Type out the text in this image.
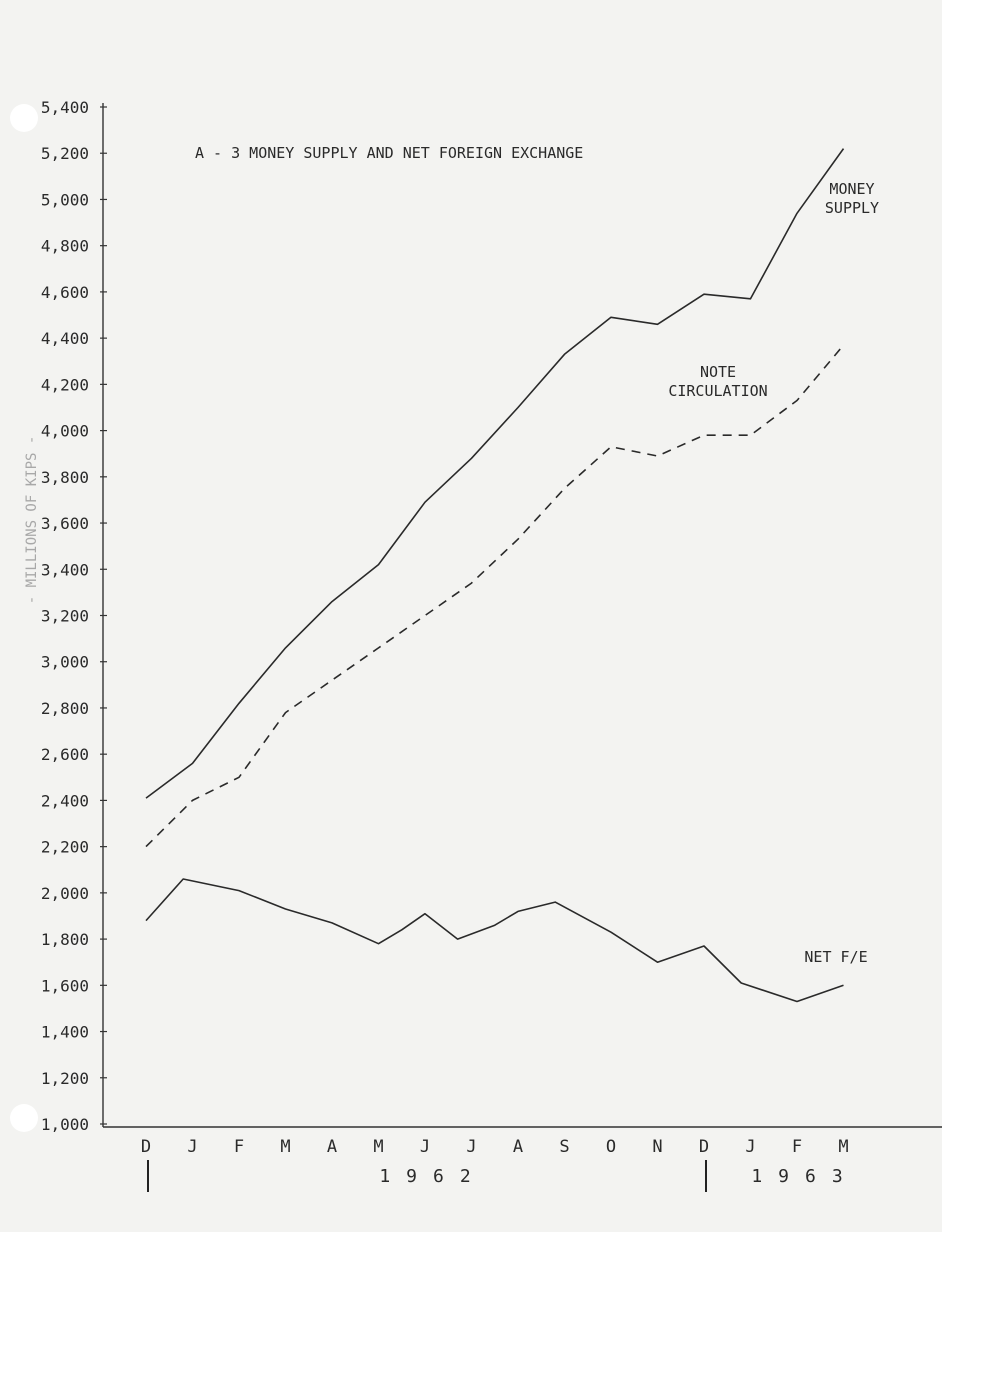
A - 3 MONEY SUPPLY AND NET FOREIGN EXCHANGE
5,400
5,200
5,000
4,800
4,600
4,400
4,200
4,000
3,800
3,600
3,400
3,200
3,000
2,800
2,600
2,400
2,200
2,000
1,800
1,600
1,400
1,200
1,000
D J F M A M J J A S O N D J F M
1962	1963
MONEY SUPPLY
NOTE CIRCULATION
NET F/E
- MILLIONS OF KIPS -
